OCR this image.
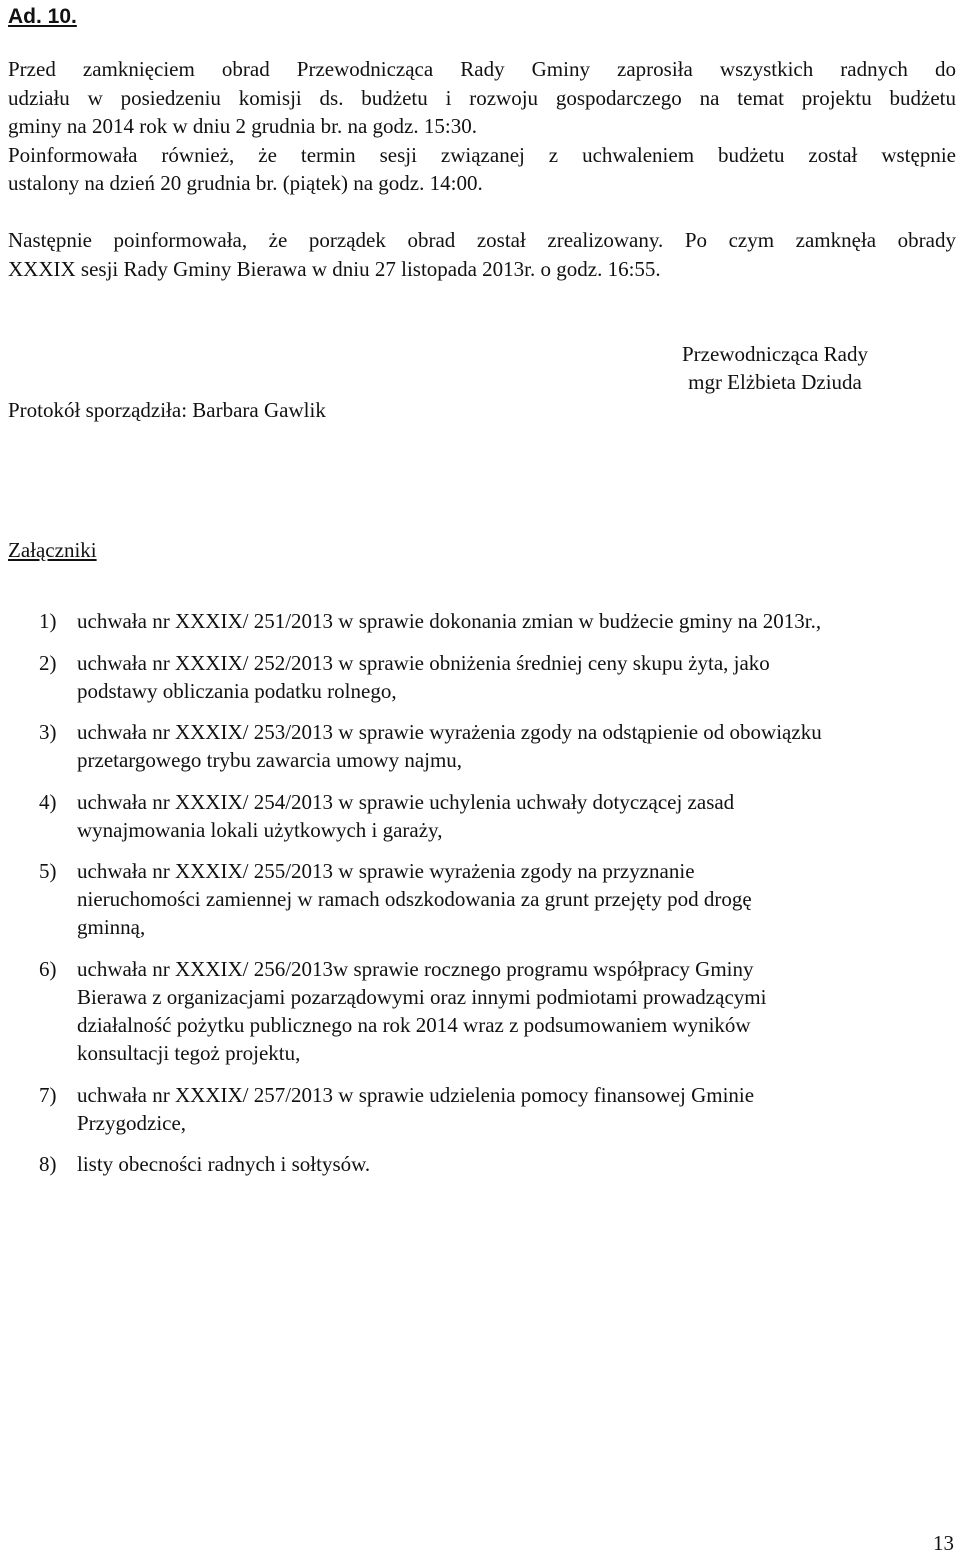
Ad. 10.
Przed zamknięciem obrad Przewodnicząca Rady Gminy zaprosiła wszystkich radnych do
udziału w posiedzeniu komisji ds. budżetu i rozwoju gospodarczego na temat projektu budżetu
gminy na 2014 rok w dniu 2 grudnia br. na godz. 15:30.
Poinformowała również, że termin sesji związanej z uchwaleniem budżetu został wstępnie
ustalony na dzień 20 grudnia br. (piątek) na godz. 14:00.
Następnie poinformowała, że porządek obrad został zrealizowany. Po czym zamknęła obrady
XXXIX sesji Rady Gminy Bierawa w dniu 27 listopada 2013r. o godz. 16:55.

Protokół sporządziła: Barbara Gawlik

Przewodnicząca Rady

mgr Elżbieta Dziuda

Załączniki

1) uchwała nr XXXIX/ 251/2013 w sprawie dokonania zmian w budżecie gminy na 2013r.,
2) uchwała nr XXXIX/ 252/2013 w sprawie obniżenia średniej ceny skupu żyta, jako
podstawy obliczania podatku rolnego,
3) uchwała nr XXXIX/ 253/2013 w sprawie wyrażenia zgody na odstąpienie od obowiązku
przetargowego trybu zawarcia umowy najmu,
4) uchwała nr XXXIX/ 254/2013 w sprawie uchylenia uchwały dotyczącej zasad
wynajmowania lokali użytkowych i garaży,
5) uchwała nr XXXIX/ 255/2013 w sprawie wyrażenia zgody na przyznanie
nieruchomości zamiennej w ramach odszkodowania za grunt przejęty pod drogę
gminną,
6) uchwała nr XXXIX/ 256/2013w sprawie rocznego programu współpracy Gminy
Bierawa z organizacjami pozarządowymi oraz innymi podmiotami prowadzącymi
działalność pożytku publicznego na rok 2014 wraz z podsumowaniem wyników
konsultacji tegoż projektu,
7) uchwała nr XXXIX/ 257/2013 w sprawie udzielenia pomocy finansowej Gminie
Przygodzice,
8) listy obecności radnych i sołtysów.

13
